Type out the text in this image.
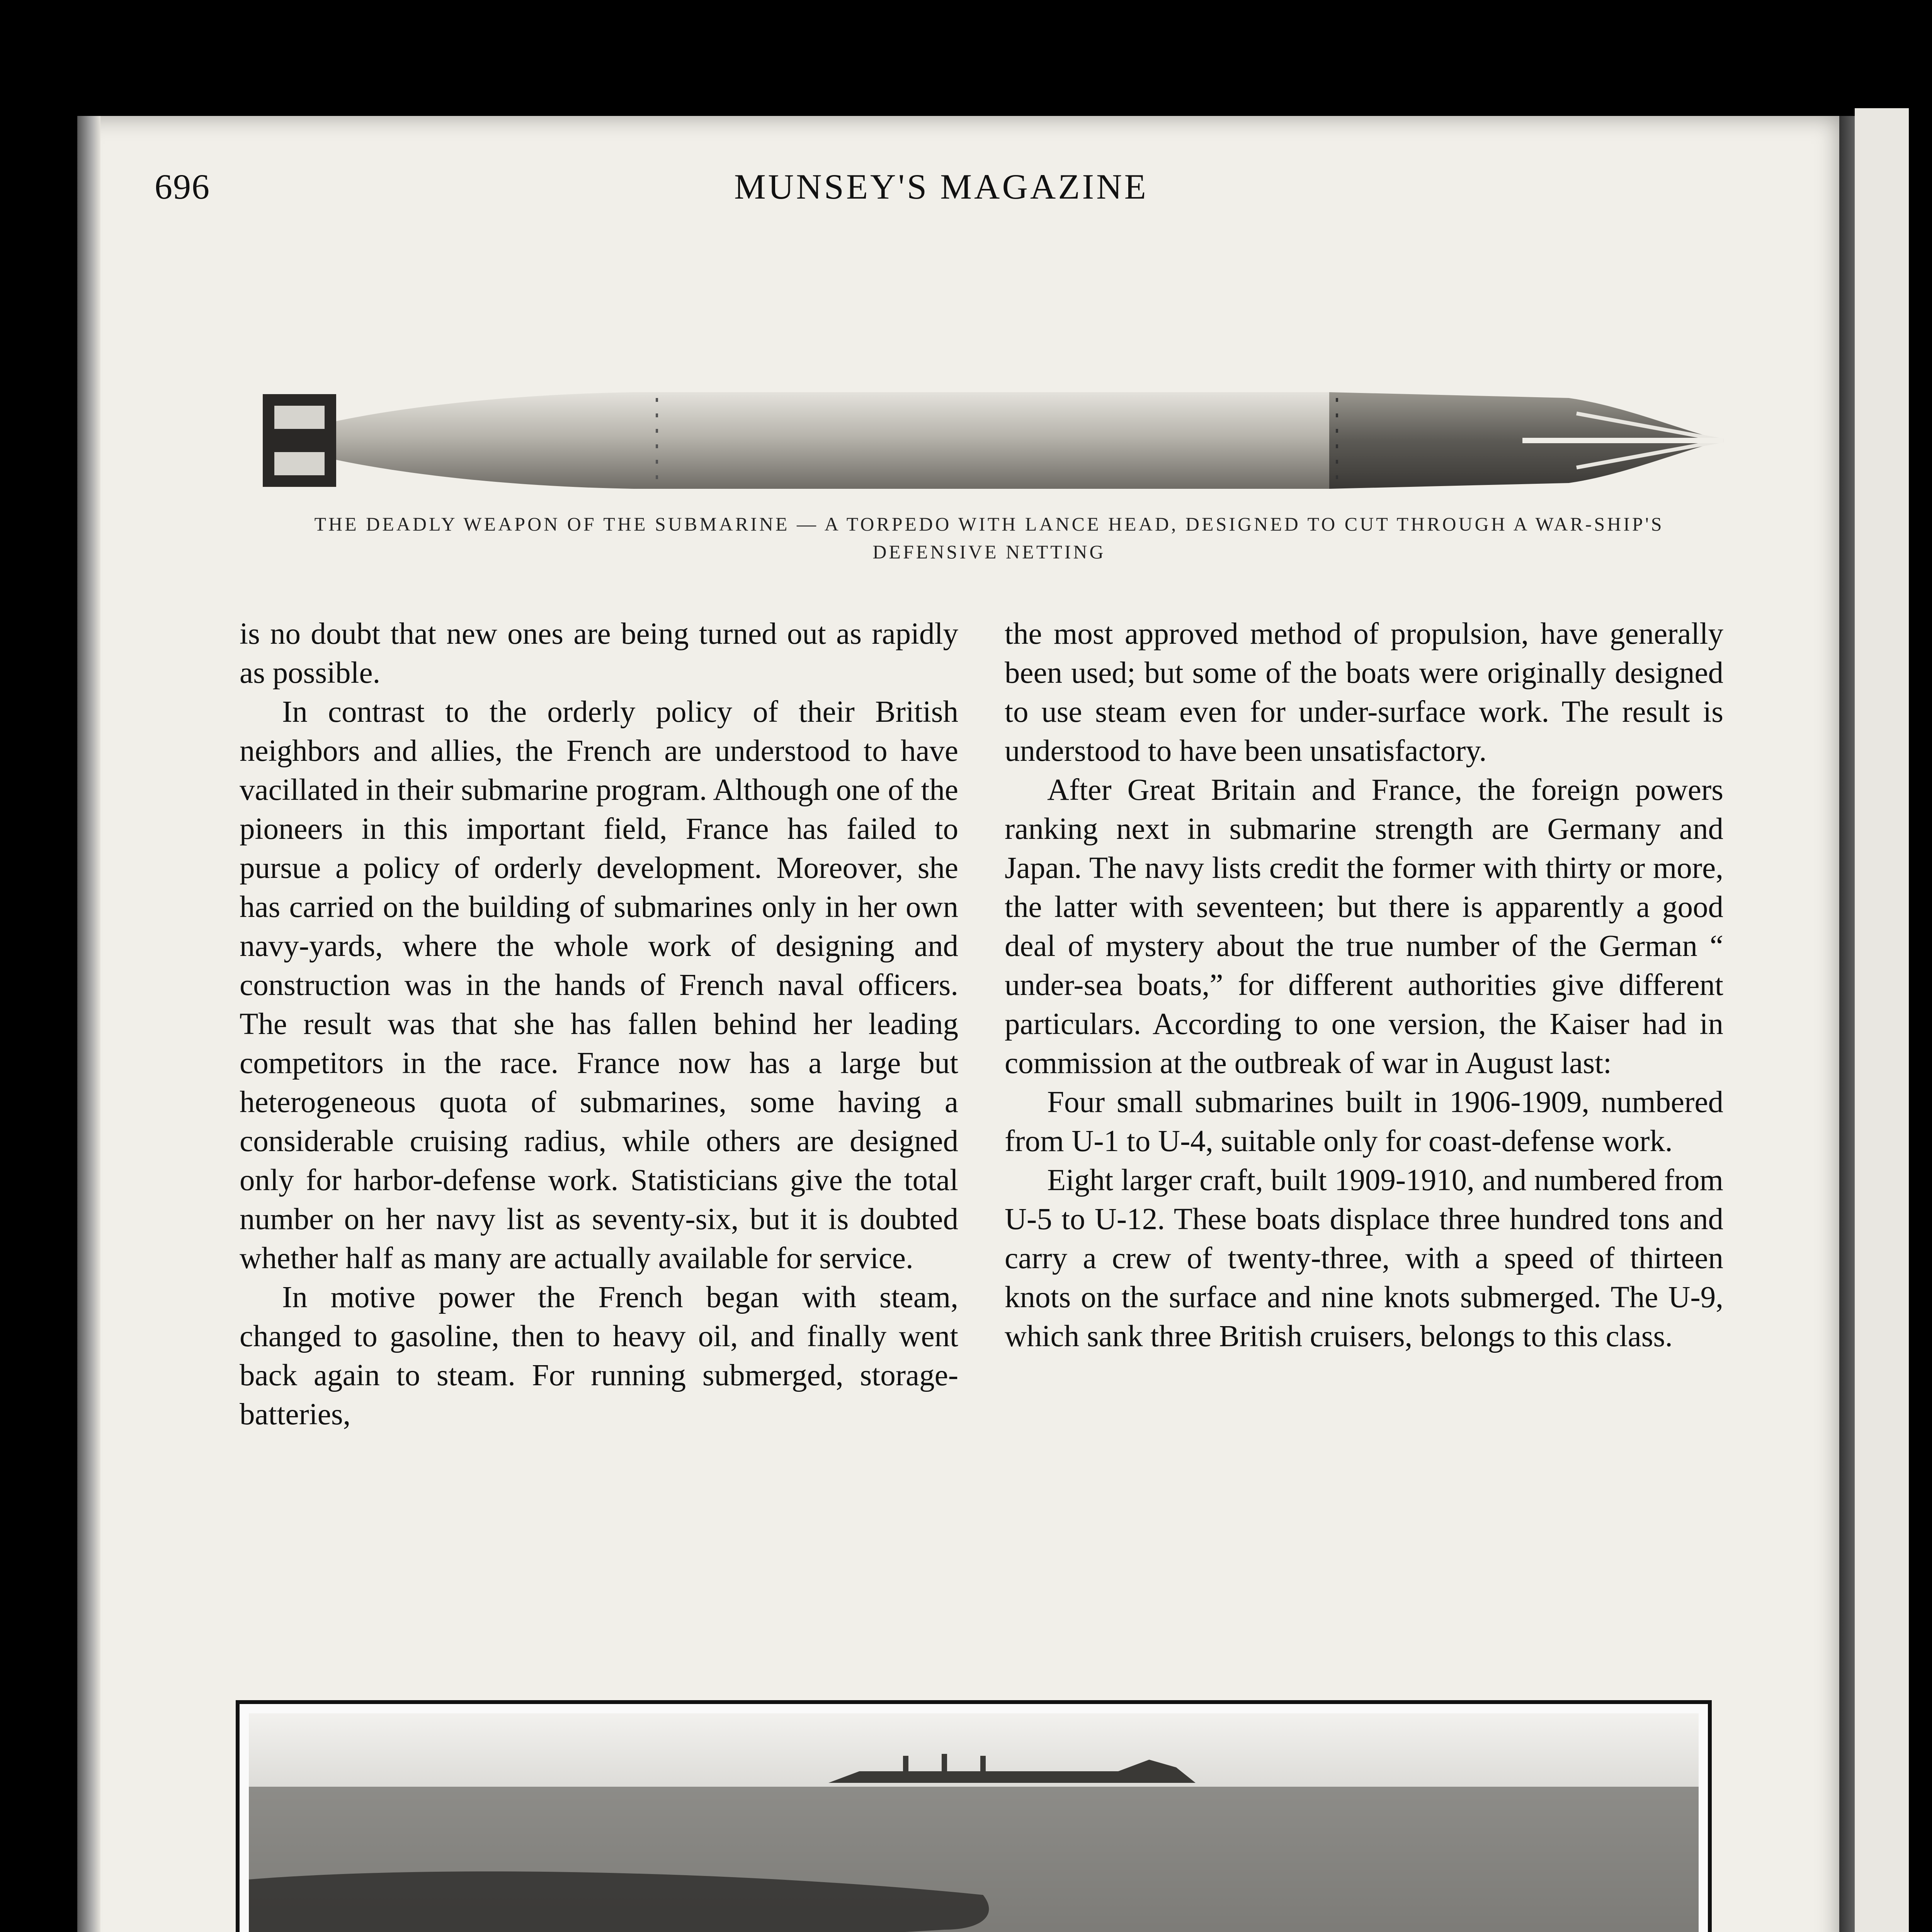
696	MUNSEY'S MAGAZINE
THE DEADLY WEAPON OF THE SUBMARINE — A TORPEDO WITH LANCE HEAD, DESIGNED TO CUT THROUGH A WAR-SHIP'S DEFENSIVE NETTING

is no doubt that new ones are being turned out as rapidly as possible.

In contrast to the orderly policy of their British neighbors and allies, the French are understood to have vacillated in their submarine program. Although one of the pioneers in this important field, France has failed to pursue a policy of orderly development. Moreover, she has carried on the building of submarines only in her own navy-yards, where the whole work of designing and construction was in the hands of French naval officers. The result was that she has fallen behind her leading competitors in the race. France now has a large but heterogeneous quota of submarines, some having a considerable cruising radius, while others are designed only for harbor-defense work. Statisticians give the total number on her navy list as seventy-six, but it is doubted whether half as many are actually available for service.

In motive power the French began with steam, changed to gasoline, then to heavy oil, and finally went back again to steam. For running submerged, storage-batteries,

the most approved method of propulsion, have generally been used; but some of the boats were originally designed to use steam even for under-surface work. The result is understood to have been unsatisfactory.

After Great Britain and France, the foreign powers ranking next in submarine strength are Germany and Japan. The navy lists credit the former with thirty or more, the latter with seventeen; but there is apparently a good deal of mystery about the true number of the German “ under-sea boats,” for different authorities give different particulars. According to one version, the Kaiser had in commission at the outbreak of war in August last:

Four small submarines built in 1906-1909, numbered from U-1 to U-4, suitable only for coast-defense work.

Eight larger craft, built 1909-1910, and numbered from U-5 to U-12. These boats displace three hundred tons and carry a crew of twenty-three, with a speed of thirteen knots on the surface and nine knots submerged. The U-9, which sank three British cruisers, belongs to this class.
